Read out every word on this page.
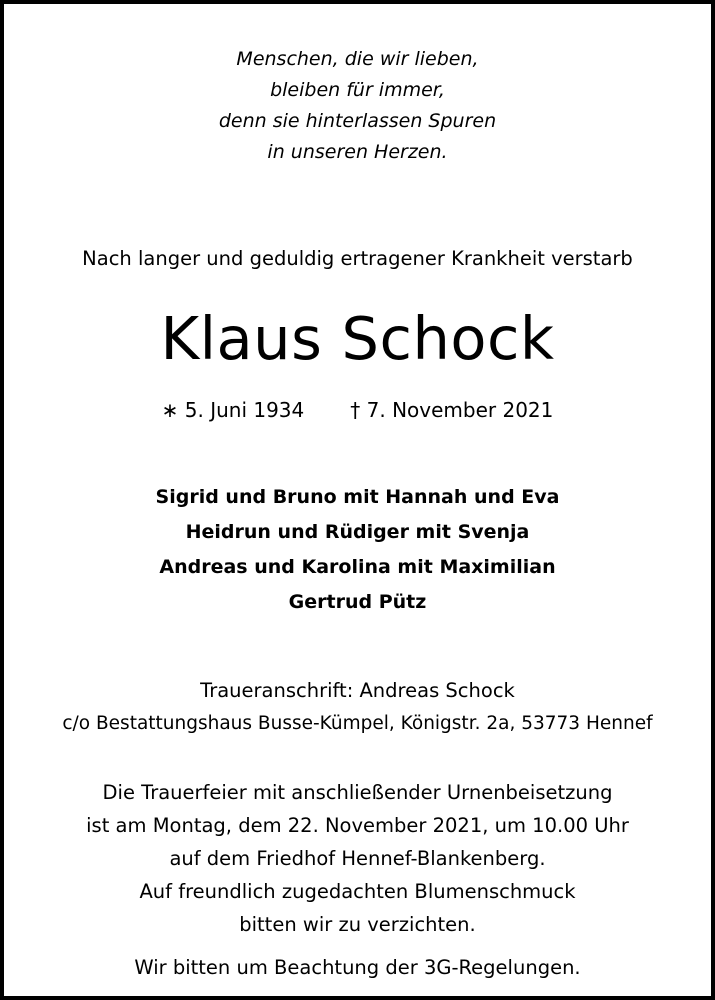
Menschen, die wir lieben,

bleiben für immer,

denn sie hinterlassen Spuren

in unseren Herzen.

Nach langer und geduldig ertragener Krankheit verstarb

Klaus Schock

∗ 5. Juni 1934 † 7. November 2021

Sigrid und Bruno mit Hannah und Eva

Heidrun und Rüdiger mit Svenja

Andreas und Karolina mit Maximilian

Gertrud Pütz

Traueranschrift: Andreas Schock

c/o Bestattungshaus Busse-Kümpel, Königstr. 2a, 53773 Hennef

Die Trauerfeier mit anschließender Urnenbeisetzung

ist am Montag, dem 22. November 2021, um 10.00 Uhr

auf dem Friedhof Hennef-Blankenberg.

Auf freundlich zugedachten Blumenschmuck

bitten wir zu verzichten.

Wir bitten um Beachtung der 3G-Regelungen.
